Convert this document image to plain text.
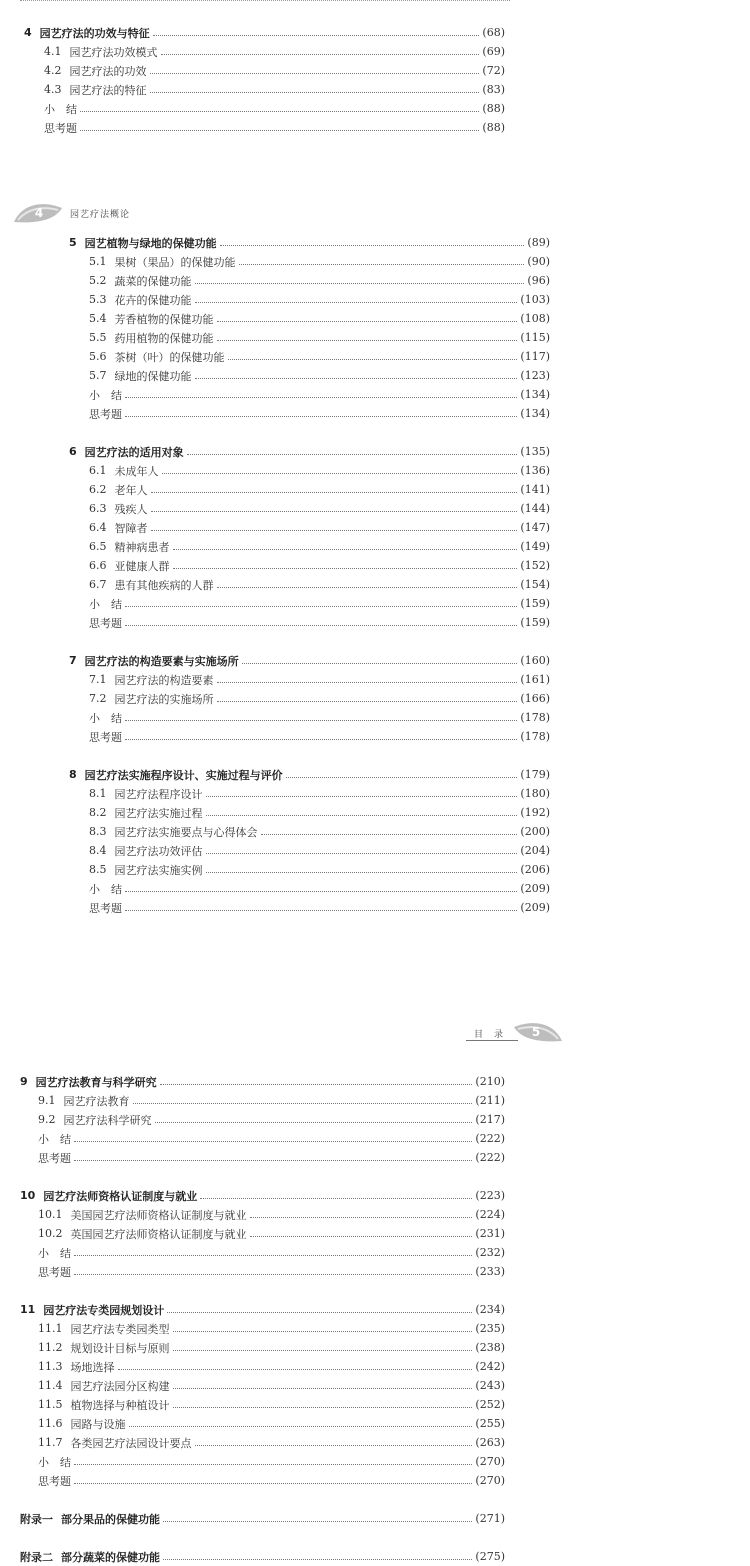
4	园艺疗法概论
目　录 5
4 园艺疗法的功效与特征	(68)
4.1 园艺疗法功效模式	(69)
4.2 园艺疗法的功效	(72)
4.3 园艺疗法的特征	(83)
小　结	(88)
思考题	(88)
5 园艺植物与绿地的保健功能	(89)
5.1 果树（果品）的保健功能	(90)
5.2 蔬菜的保健功能	(96)
5.3 花卉的保健功能	(103)
5.4 芳香植物的保健功能	(108)
5.5 药用植物的保健功能	(115)
5.6 茶树（叶）的保健功能	(117)
5.7 绿地的保健功能	(123)
小　结	(134)
思考题	(134)
6 园艺疗法的适用对象	(135)
6.1 未成年人	(136)
6.2 老年人	(141)
6.3 残疾人	(144)
6.4 智障者	(147)
6.5 精神病患者	(149)
6.6 亚健康人群	(152)
6.7 患有其他疾病的人群	(154)
小　结	(159)
思考题	(159)
7 园艺疗法的构造要素与实施场所	(160)
7.1 园艺疗法的构造要素	(161)
7.2 园艺疗法的实施场所	(166)
小　结	(178)
思考题	(178)
8 园艺疗法实施程序设计、实施过程与评价	(179)
8.1 园艺疗法程序设计	(180)
8.2 园艺疗法实施过程	(192)
8.3 园艺疗法实施要点与心得体会	(200)
8.4 园艺疗法功效评估	(204)
8.5 园艺疗法实施实例	(206)
小　结	(209)
思考题	(209)
9 园艺疗法教育与科学研究	(210)
9.1 园艺疗法教育	(211)
9.2 园艺疗法科学研究	(217)
小　结	(222)
思考题	(222)
10 园艺疗法师资格认证制度与就业	(223)
10.1 美国园艺疗法师资格认证制度与就业	(224)
10.2 英国园艺疗法师资格认证制度与就业	(231)
小　结	(232)
思考题	(233)
11 园艺疗法专类园规划设计	(234)
11.1 园艺疗法专类园类型	(235)
11.2 规划设计目标与原则	(238)
11.3 场地选择	(242)
11.4 园艺疗法园分区构建	(243)
11.5 植物选择与种植设计	(252)
11.6 园路与设施	(255)
11.7 各类园艺疗法园设计要点	(263)
小　结	(270)
思考题	(270)
附录一 部分果品的保健功能	(271)
附录二 部分蔬菜的保健功能	(275)
